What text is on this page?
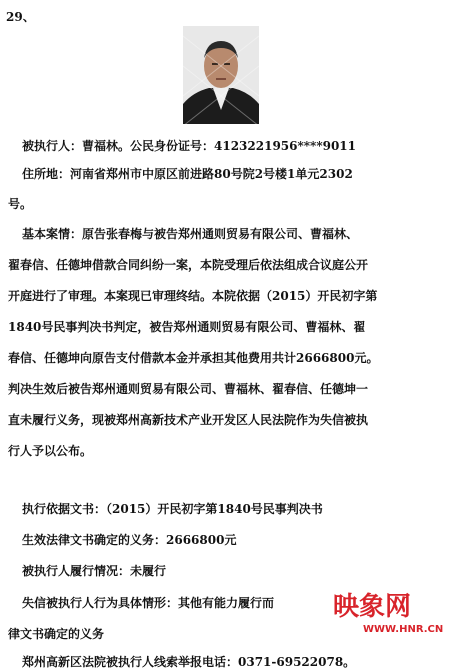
29、
被执行人：曹福林。公民身份证号：4123221956****9011
住所地：河南省郑州市中原区前进路80号院2号楼1单元2302
号。
基本案情：原告张春梅与被告郑州通则贸易有限公司、曹福林、
翟春信、任德坤借款合同纠纷一案，本院受理后依法组成合议庭公开
开庭进行了审理。本案现已审理终结。本院依据（2015）开民初字第
1840号民事判决书判定，被告郑州通则贸易有限公司、曹福林、翟
春信、任德坤向原告支付借款本金并承担其他费用共计2666800元。
判决生效后被告郑州通则贸易有限公司、曹福林、翟春信、任德坤一
直未履行义务，现被郑州高新技术产业开发区人民法院作为失信被执
行人予以公布。
执行依据文书：（2015）开民初字第1840号民事判决书
生效法律文书确定的义务：2666800元
被执行人履行情况：未履行
失信被执行人行为具体情形：其他有能力履行而
律文书确定的义务
郑州高新区法院被执行人线索举报电话：0371-69522078。
映象网
WWW.HNR.CN
